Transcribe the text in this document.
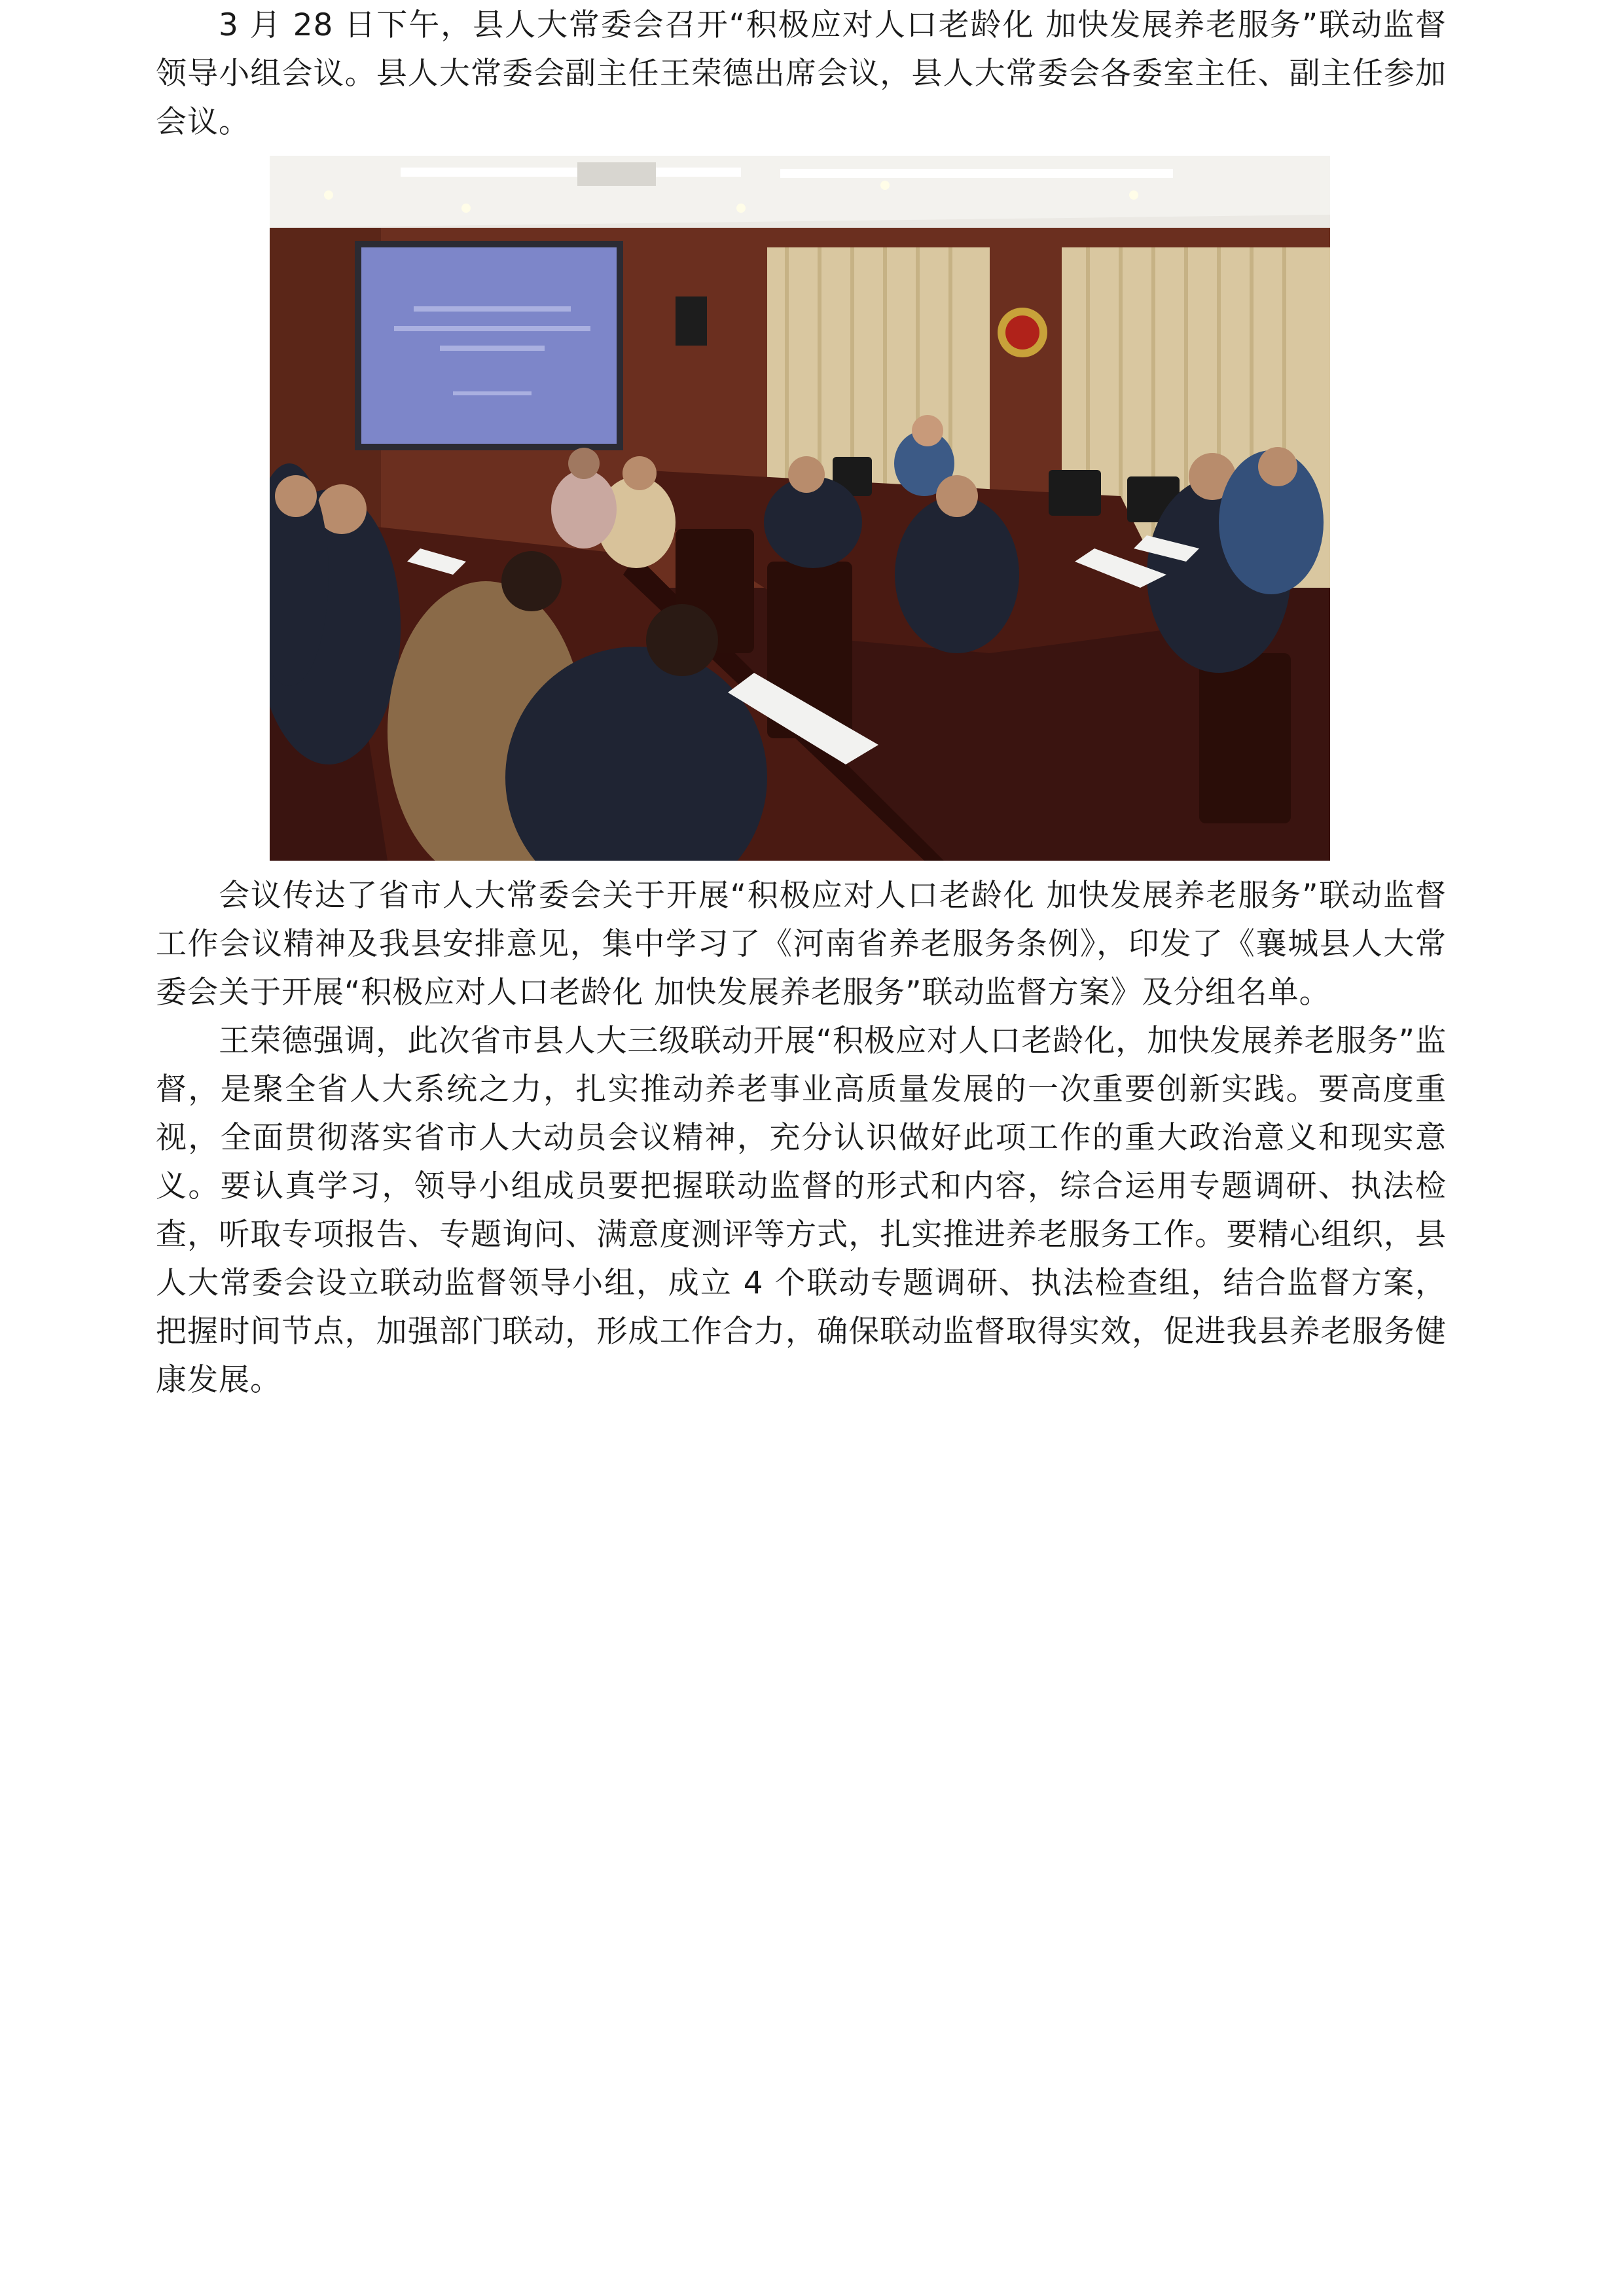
3 月 28 日下午，县人大常委会召开“积极应对人口老龄化 加快发展养老服务”联动监督领导小组会议。县人大常委会副主任王荣德出席会议，县人大常委会各委室主任、副主任参加会议。

会议传达了省市人大常委会关于开展“积极应对人口老龄化 加快发展养老服务”联动监督工作会议精神及我县安排意见，集中学习了《河南省养老服务条例》，印发了《襄城县人大常委会关于开展“积极应对人口老龄化 加快发展养老服务”联动监督方案》及分组名单。

王荣德强调，此次省市县人大三级联动开展“积极应对人口老龄化，加快发展养老服务”监督，是聚全省人大系统之力，扎实推动养老事业高质量发展的一次重要创新实践。要高度重视，全面贯彻落实省市人大动员会议精神，充分认识做好此项工作的重大政治意义和现实意义。要认真学习，领导小组成员要把握联动监督的形式和内容，综合运用专题调研、执法检查，听取专项报告、专题询问、满意度测评等方式，扎实推进养老服务工作。要精心组织，县人大常委会设立联动监督领导小组，成立 4 个联动专题调研、执法检查组，结合监督方案，把握时间节点，加强部门联动，形成工作合力，确保联动监督取得实效，促进我县养老服务健康发展。
